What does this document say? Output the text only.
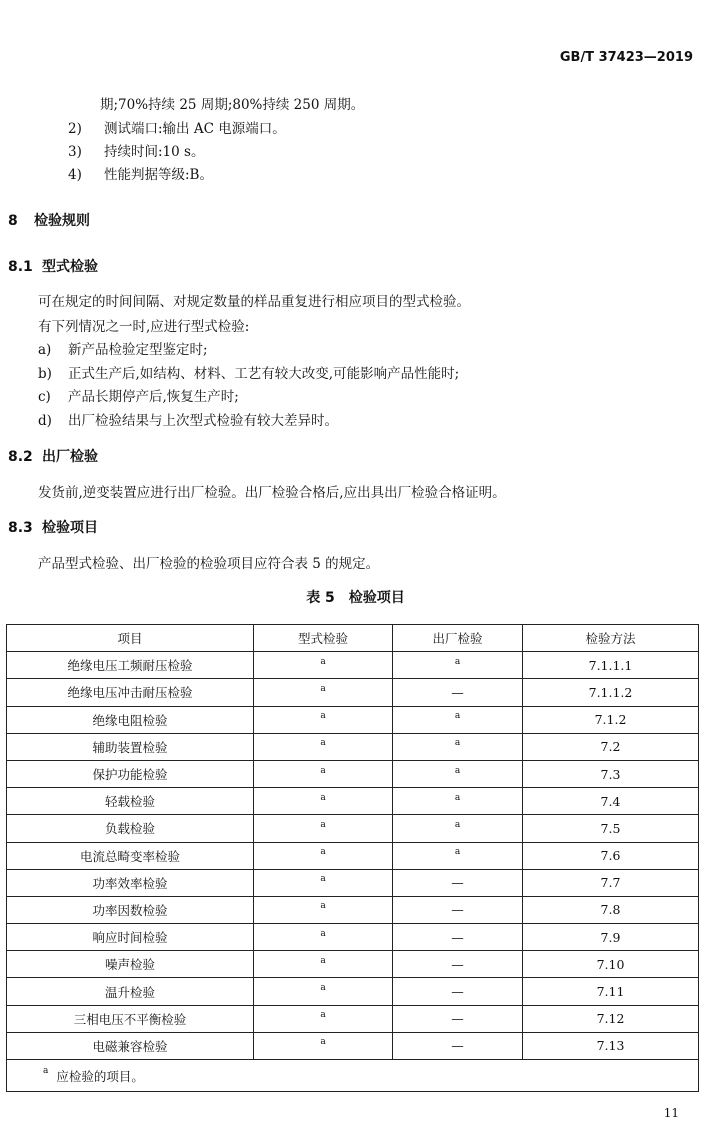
GB/T 37423—2019
期;70%持续 25 周期;80%持续 250 周期。
2) 测试端口:输出 AC 电源端口。
3) 持续时间:10 s。
4) 性能判据等级:B。
8 检验规则
8.1 型式检验
可在规定的时间间隔、对规定数量的样品重复进行相应项目的型式检验。
有下列情况之一时,应进行型式检验:
a) 新产品检验定型鉴定时;
b) 正式生产后,如结构、材料、工艺有较大改变,可能影响产品性能时;
c) 产品长期停产后,恢复生产时;
d) 出厂检验结果与上次型式检验有较大差异时。
8.2 出厂检验
发货前,逆变装置应进行出厂检验。出厂检验合格后,应出具出厂检验合格证明。
8.3 检验项目
产品型式检验、出厂检验的检验项目应符合表 5 的规定。
表 5　检验项目
项目	型式检验	出厂检验	检验方法
绝缘电压工频耐压检验	$^a$	$^a$	7.1.1.1
绝缘电压冲击耐压检验	$^a$	—	7.1.1.2
绝缘电阻检验	$^a$	$^a$	7.1.2
辅助装置检验	$^a$	$^a$	7.2
保护功能检验	$^a$	$^a$	7.3
轻载检验	$^a$	$^a$	7.4
负载检验	$^a$	$^a$	7.5
电流总畸变率检验	$^a$	$^a$	7.6
功率效率检验	$^a$	—	7.7
功率因数检验	$^a$	—	7.8
响应时间检验	$^a$	—	7.9
噪声检验	$^a$	—	7.10
温升检验	$^a$	—	7.11
三相电压不平衡检验	$^a$	—	7.12
电磁兼容检验	$^a$	—	7.13
$^a$ 应检验的项目。			
11
